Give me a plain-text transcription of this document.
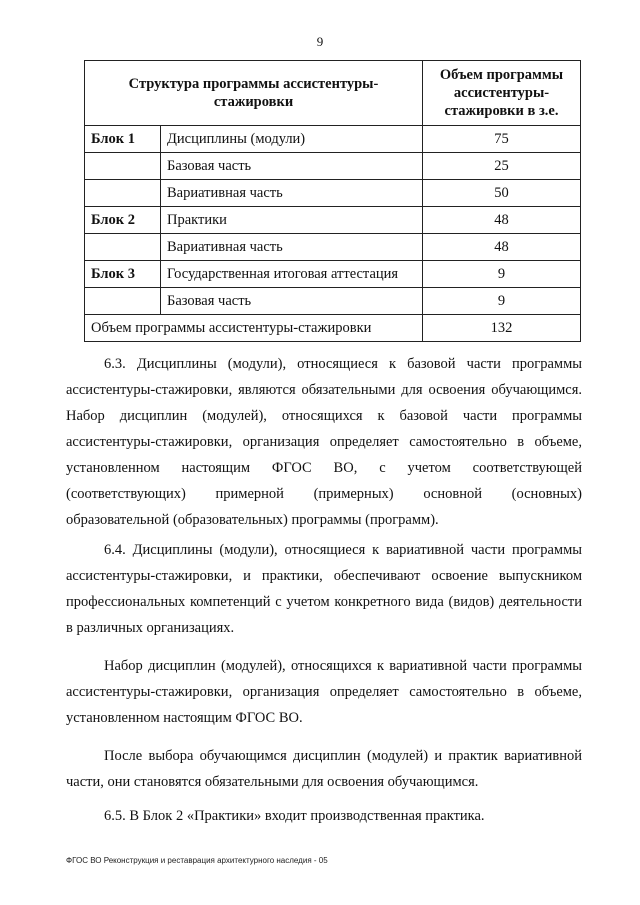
9
Структура программы ассистентуры-стажировки		Объем программы ассистентуры-стажировки в з.е.
Блок 1	Дисциплины (модули)	75
	Базовая часть	25
	Вариативная часть	50
Блок 2	Практики	48
	Вариативная часть	48
Блок 3	Государственная итоговая аттестация	9
	Базовая часть	9
Объем программы ассистентуры-стажировки		132

6.3. Дисциплины (модули), относящиеся к базовой части программы ассистентуры-стажировки, являются обязательными для освоения обучающимся. Набор дисциплин (модулей), относящихся к базовой части программы ассистентуры-стажировки, организация определяет самостоятельно в объеме, установленном настоящим ФГОС ВО, с учетом соответствующей (соответствующих) примерной (примерных) основной (основных) образовательной (образовательных) программы (программ).

6.4. Дисциплины (модули), относящиеся к вариативной части программы ассистентуры-стажировки, и практики, обеспечивают освоение выпускником профессиональных компетенций с учетом конкретного вида (видов) деятельности в различных организациях.

Набор дисциплин (модулей), относящихся к вариативной части программы ассистентуры-стажировки, организация определяет самостоятельно в объеме, установленном настоящим ФГОС ВО.

После выбора обучающимся дисциплин (модулей) и практик вариативной части, они становятся обязательными для освоения обучающимся.

6.5. В Блок 2 «Практики» входит производственная практика.

ФГОС ВО Реконструкция и реставрация архитектурного наследия - 05
